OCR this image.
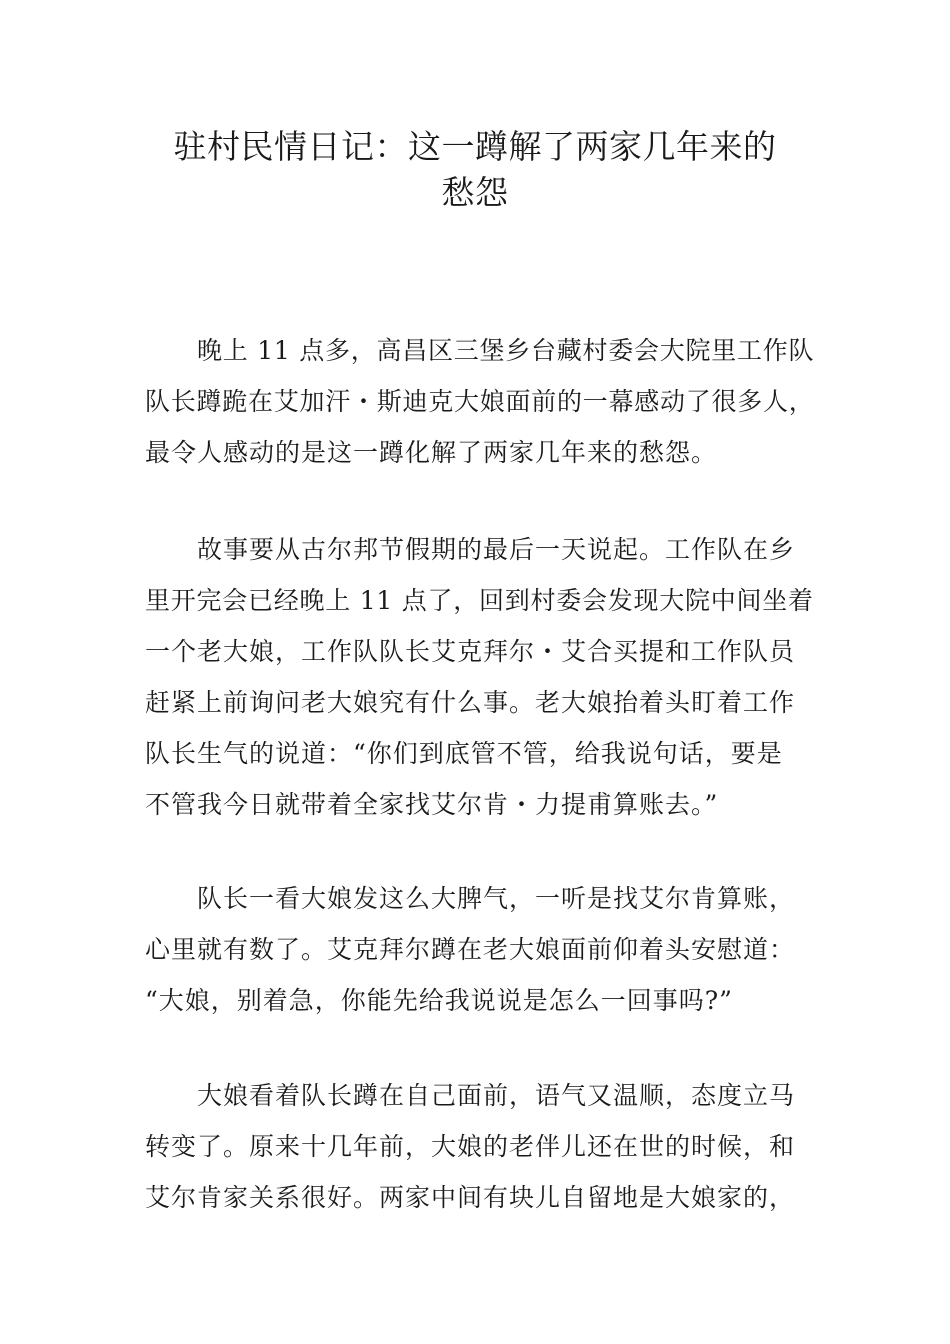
驻村民情日记：这一蹲解了两家几年来的
愁怨
晚上 11 点多，高昌区三堡乡台藏村委会大院里工作队
队长蹲跪在艾加汗・斯迪克大娘面前的一幕感动了很多人，
最令人感动的是这一蹲化解了两家几年来的愁怨。
故事要从古尔邦节假期的最后一天说起。工作队在乡
里开完会已经晚上 11 点了，回到村委会发现大院中间坐着
一个老大娘，工作队队长艾克拜尔・艾合买提和工作队员
赶紧上前询问老大娘究有什么事。老大娘抬着头盯着工作
队长生气的说道：“你们到底管不管，给我说句话，要是
不管我今日就带着全家找艾尔肯・力提甫算账去。”
队长一看大娘发这么大脾气，一听是找艾尔肯算账，
心里就有数了。艾克拜尔蹲在老大娘面前仰着头安慰道：
“大娘，别着急，你能先给我说说是怎么一回事吗?”
大娘看着队长蹲在自己面前，语气又温顺，态度立马
转变了。原来十几年前，大娘的老伴儿还在世的时候，和
艾尔肯家关系很好。两家中间有块儿自留地是大娘家的，
